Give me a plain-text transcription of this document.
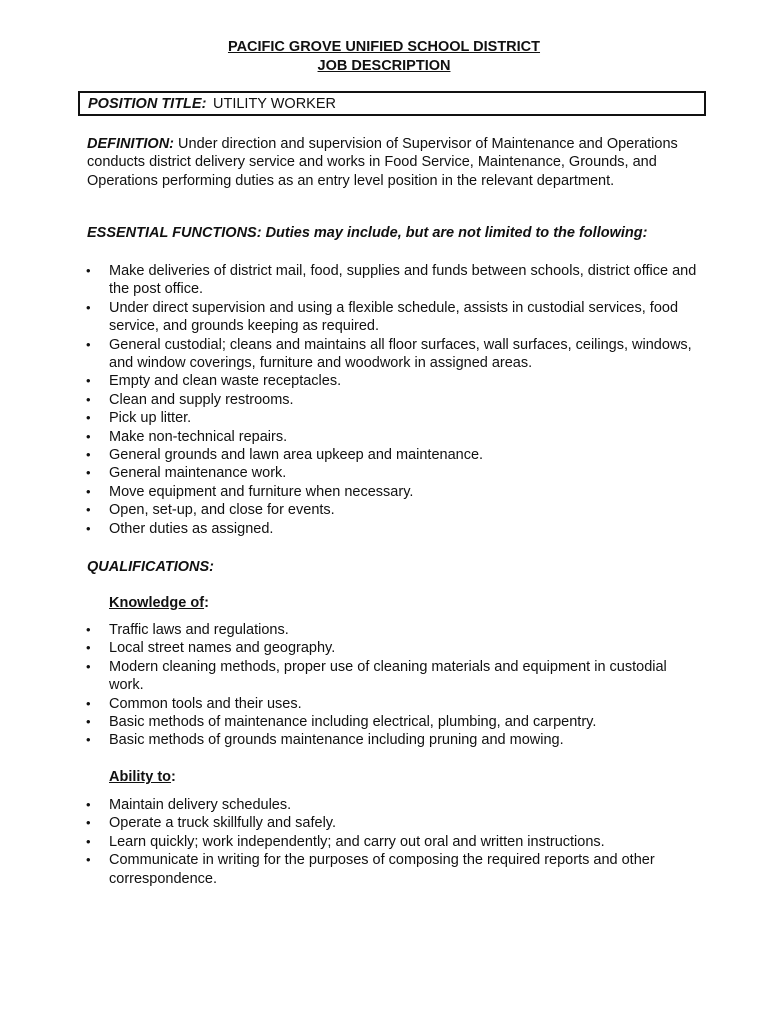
PACIFIC GROVE UNIFIED SCHOOL DISTRICT
JOB DESCRIPTION
POSITION TITLE: UTILITY WORKER
DEFINITION: Under direction and supervision of Supervisor of Maintenance and Operations conducts district delivery service and works in Food Service, Maintenance, Grounds, and Operations performing duties as an entry level position in the relevant department.
ESSENTIAL FUNCTIONS: Duties may include, but are not limited to the following:
• Make deliveries of district mail, food, supplies and funds between schools, district office and the post office.
• Under direct supervision and using a flexible schedule, assists in custodial services, food service, and grounds keeping as required.
• General custodial; cleans and maintains all floor surfaces, wall surfaces, ceilings, windows, and window coverings, furniture and woodwork in assigned areas.
• Empty and clean waste receptacles.
• Clean and supply restrooms.
• Pick up litter.
• Make non-technical repairs.
• General grounds and lawn area upkeep and maintenance.
• General maintenance work.
• Move equipment and furniture when necessary.
• Open, set-up, and close for events.
• Other duties as assigned.
QUALIFICATIONS:
Knowledge of:
• Traffic laws and regulations.
• Local street names and geography.
• Modern cleaning methods, proper use of cleaning materials and equipment in custodial work.
• Common tools and their uses.
• Basic methods of maintenance including electrical, plumbing, and carpentry.
• Basic methods of grounds maintenance including pruning and mowing.
Ability to:
• Maintain delivery schedules.
• Operate a truck skillfully and safely.
• Learn quickly; work independently; and carry out oral and written instructions.
• Communicate in writing for the purposes of composing the required reports and other correspondence.
